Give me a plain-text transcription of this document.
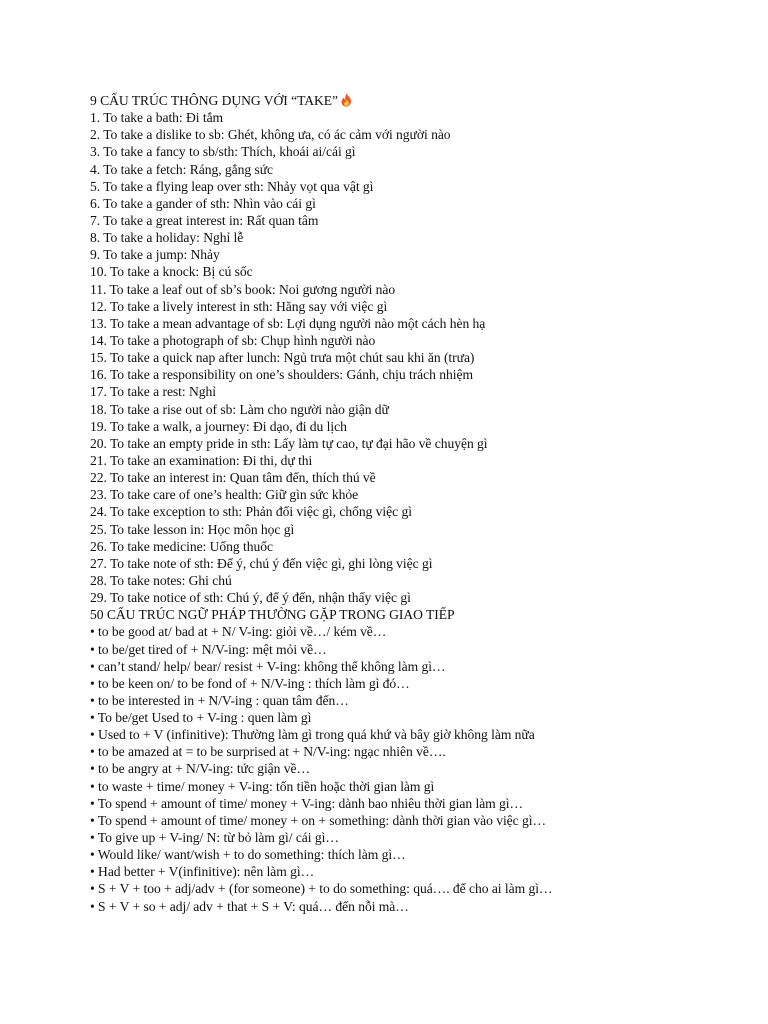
9 CẤU TRÚC THÔNG DỤNG VỚI “TAKE”
1. To take a bath: Đi tắm
2. To take a dislike to sb: Ghét, không ưa, có ác cảm với người nào
3. To take a fancy to sb/sth: Thích, khoái ai/cái gì
4. To take a fetch: Ráng, gắng sức
5. To take a flying leap over sth: Nhảy vọt qua vật gì
6. To take a gander of sth: Nhìn vào cái gì
7. To take a great interest in: Rất quan tâm
8. To take a holiday: Nghỉ lễ
9. To take a jump: Nhảy
10. To take a knock: Bị cú sốc
11. To take a leaf out of sb’s book: Noi gương người nào
12. To take a lively interest in sth: Hăng say với việc gì
13. To take a mean advantage of sb: Lợi dụng người nào một cách hèn hạ
14. To take a photograph of sb: Chụp hình người nào
15. To take a quick nap after lunch: Ngủ trưa một chút sau khi ăn (trưa)
16. To take a responsibility on one’s shoulders: Gánh, chịu trách nhiệm
17. To take a rest: Nghỉ
18. To take a rise out of sb: Làm cho người nào giận dữ
19. To take a walk, a journey: Đi dạo, đi du lịch
20. To take an empty pride in sth: Lấy làm tự cao, tự đại hão về chuyện gì
21. To take an examination: Đi thi, dự thi
22. To take an interest in: Quan tâm đến, thích thú về
23. To take care of one’s health: Giữ gìn sức khỏe
24. To take exception to sth: Phản đối việc gì, chống việc gì
25. To take lesson in: Học môn học gì
26. To take medicine: Uống thuốc
27. To take note of sth: Để ý, chú ý đến việc gì, ghi lòng việc gì
28. To take notes: Ghi chú
29. To take notice of sth: Chú ý, để ý đến, nhận thấy việc gì
50 CẤU TRÚC NGỮ PHÁP THƯỜNG GẶP TRONG GIAO TIẾP
• to be good at/ bad at + N/ V-ing: giỏi về…/ kém về…
• to be/get tired of + N/V-ing: mệt mỏi về…
• can’t stand/ help/ bear/ resist + V-ing: không thể không làm gì…
• to be keen on/ to be fond of + N/V-ing : thích làm gì đó…
• to be interested in + N/V-ing : quan tâm đến…
• To be/get Used to + V-ing : quen làm gì
• Used to + V (infinitive): Thường làm gì trong quá khứ và bây giờ không làm nữa
• to be amazed at = to be surprised at + N/V-ing: ngạc nhiên về….
• to be angry at + N/V-ing: tức giận về…
• to waste + time/ money + V-ing: tốn tiền hoặc thời gian làm gì
• To spend + amount of time/ money + V-ing: dành bao nhiêu thời gian làm gì…
• To spend + amount of time/ money + on + something: dành thời gian vào việc gì…
• To give up + V-ing/ N: từ bỏ làm gì/ cái gì…
• Would like/ want/wish + to do something: thích làm gì…
• Had better + V(infinitive): nên làm gì…
• S + V + too + adj/adv + (for someone) + to do something: quá…. để cho ai làm gì…
• S + V + so + adj/ adv + that + S + V: quá… đến nỗi mà…
